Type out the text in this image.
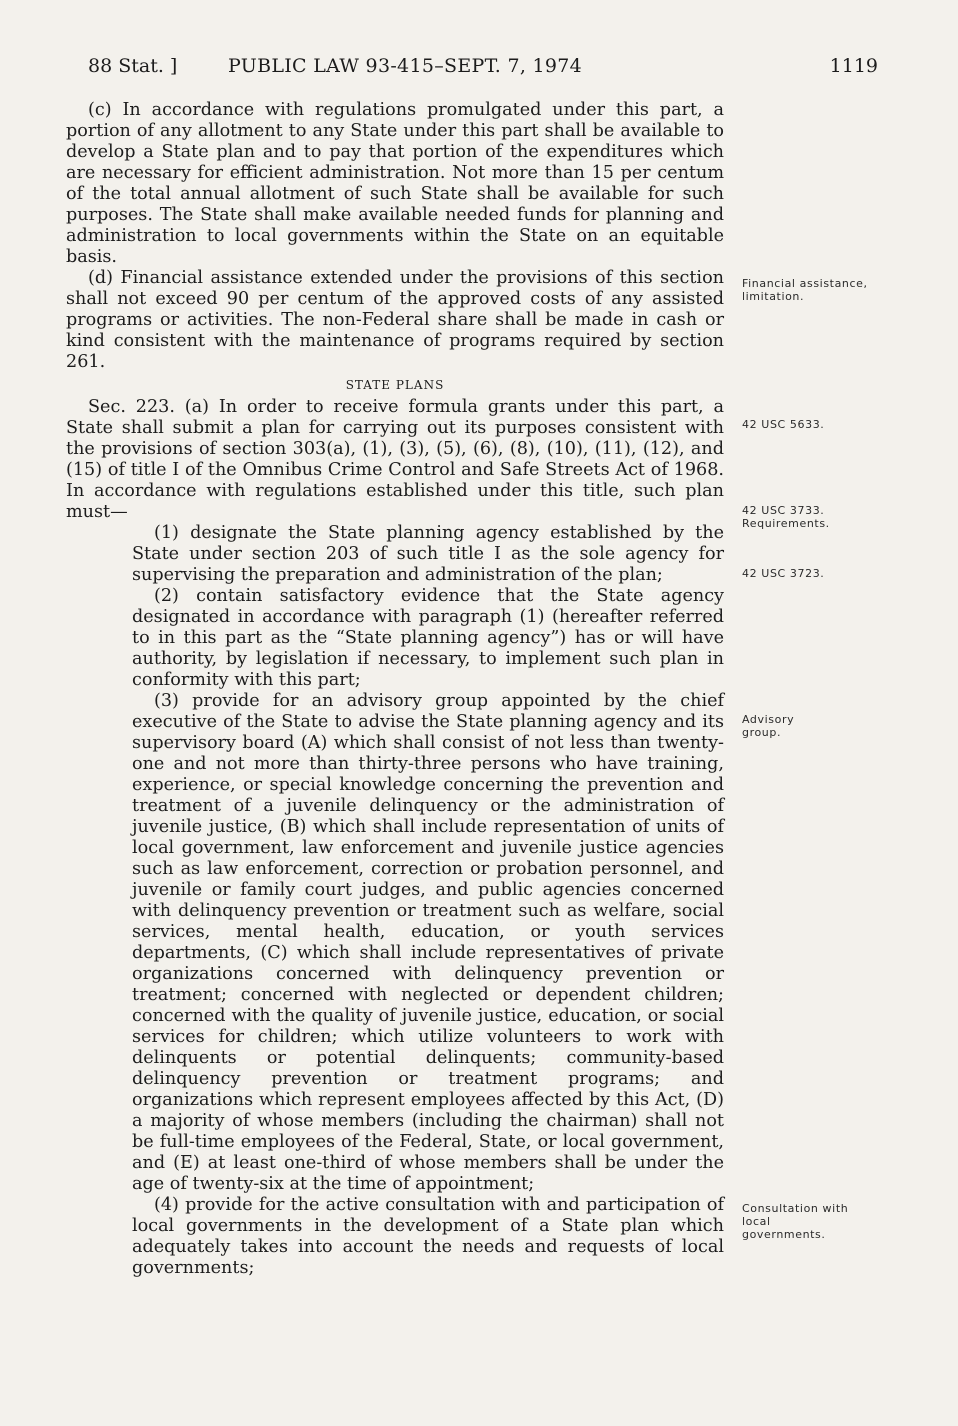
88 Stat. ]	PUBLIC LAW 93-415–SEPT. 7, 1974	1119

(c) In accordance with regulations promulgated under this part, a portion of any allotment to any State under this part shall be available to develop a State plan and to pay that portion of the expenditures which are necessary for efficient administration. Not more than 15 per centum of the total annual allotment of such State shall be available for such purposes. The State shall make available needed funds for planning and administration to local governments within the State on an equitable basis.

(d) Financial assistance extended under the provisions of this section shall not exceed 90 per centum of the approved costs of any assisted programs or activities. The non-Federal share shall be made in cash or kind consistent with the maintenance of programs required by section 261.

STATE PLANS

Sec. 223. (a) In order to receive formula grants under this part, a State shall submit a plan for carrying out its purposes consistent with the provisions of section 303(a), (1), (3), (5), (6), (8), (10), (11), (12), and (15) of title I of the Omnibus Crime Control and Safe Streets Act of 1968. In accordance with regulations established under this title, such plan must—

(1) designate the State planning agency established by the State under section 203 of such title I as the sole agency for supervising the preparation and administration of the plan;

(2) contain satisfactory evidence that the State agency designated in accordance with paragraph (1) (hereafter referred to in this part as the “State planning agency”) has or will have authority, by legislation if necessary, to implement such plan in conformity with this part;

(3) provide for an advisory group appointed by the chief executive of the State to advise the State planning agency and its supervisory board (A) which shall consist of not less than twenty-one and not more than thirty-three persons who have training, experience, or special knowledge concerning the prevention and treatment of a juvenile delinquency or the administration of juvenile justice, (B) which shall include representation of units of local government, law enforcement and juvenile justice agencies such as law enforcement, correction or probation personnel, and juvenile or family court judges, and public agencies concerned with delinquency prevention or treatment such as welfare, social services, mental health, education, or youth services departments, (C) which shall include representatives of private organizations concerned with delinquency prevention or treatment; concerned with neglected or dependent children; concerned with the quality of juvenile justice, education, or social services for children; which utilize volunteers to work with delinquents or potential delinquents; community-based delinquency prevention or treatment programs; and organizations which represent employees affected by this Act, (D) a majority of whose members (including the chairman) shall not be full-time employees of the Federal, State, or local government, and (E) at least one-third of whose members shall be under the age of twenty-six at the time of appointment;

(4) provide for the active consultation with and participation of local governments in the development of a State plan which adequately takes into account the needs and requests of local governments;

Financial assistance, limitation.
42 USC 5633.
42 USC 3733. Requirements.
42 USC 3723.
Advisory group.
Consultation with local governments.
